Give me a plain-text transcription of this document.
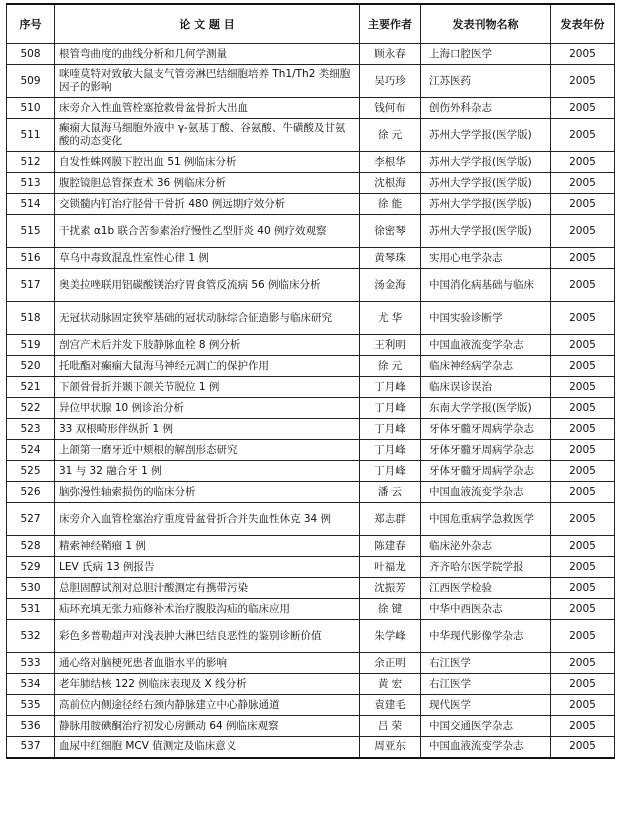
序号	论 文 题 目	主要作者	发表刊物名称	发表年份
508	根管弯曲度的曲线分析和几何学测量	顾永春	上海口腔医学	2005
509	咪喹莫特对致敏大鼠支气管旁淋巴结细胞培养 Th1/Th2 类细胞因子的影响	吴巧珍	江苏医药	2005
510	床旁介入性血管栓塞抢救骨盆骨折大出血	钱何布	创伤外科杂志	2005
511	癫痫大鼠海马细胞外液中 γ-氨基丁酸、谷氨酸、牛磺酸及甘氨酸的动态变化	徐 元	苏州大学学报(医学版)	2005
512	自发性蛛网膜下腔出血 51 例临床分析	李根华	苏州大学学报(医学版)	2005
513	腹腔镜胆总管探查术 36 例临床分析	沈根海	苏州大学学报(医学版)	2005
514	交锁髓内钉治疗胫骨干骨折 480 例远期疗效分析	徐 能	苏州大学学报(医学版)	2005
515	干扰素 α1b 联合苦参素治疗慢性乙型肝炎 40 例疗效观察	徐密琴	苏州大学学报(医学版)	2005
516	草乌中毒致混乱性室性心律 1 例	黄琴珠	实用心电学杂志	2005
517	奥美拉唑联用铝碳酸镁治疗胃食管反流病 56 例临床分析	汤金海	中国消化病基础与临床	2005
518	无冠状动脉固定狭窄基础的冠状动脉综合征造影与临床研究	尤 华	中国实验诊断学	2005
519	剖宫产术后并发下肢静脉血栓 8 例分析	王利明	中国血液流变学杂志	2005
520	托吡酯对癫痫大鼠海马神经元凋亡的保护作用	徐 元	临床神经病学杂志	2005
521	下颌骨骨折并颞下颌关节脱位 1 例	丁月峰	临床误诊误治	2005
522	异位甲状腺 10 例诊治分析	丁月峰	东南大学学报(医学版)	2005
523	33 双根畸形伴纵折 1 例	丁月峰	牙体牙髓牙周病学杂志	2005
524	上颌第一磨牙近中颊根的解剖形态研究	丁月峰	牙体牙髓牙周病学杂志	2005
525	31 与 32 融合牙 1 例	丁月峰	牙体牙髓牙周病学杂志	2005
526	脑弥漫性轴索损伤的临床分析	潘 云	中国血液流变学杂志	2005
527	床旁介入血管栓塞治疗重度骨盆骨折合并失血性休克 34 例	郑志群	中国危重病学急救医学	2005
528	精索神经鞘瘤 1 例	陈建春	临床泌外杂志	2005
529	LEV 氏病 13 例报告	叶福龙	齐齐哈尔医学院学报	2005
530	总胆固醇试剂对总胆汁酸测定有携带污染	沈振芳	江西医学检验	2005
531	疝环充填无张力疝修补术治疗腹股沟疝的临床应用	徐 键	中华中西医杂志	2005
532	彩色多普勒超声对浅表肿大淋巴结良恶性的鉴别诊断价值	朱学峰	中华现代影像学杂志	2005
533	通心络对脑梗死患者血脂水平的影响	余正明	右江医学	2005
534	老年肺结核 122 例临床表现及 X 线分析	黄 宏	右江医学	2005
535	高前位内侧途径经右颈内静脉建立中心静脉通道	袁建毛	现代医学	2005
536	静脉用胺碘酮治疗初发心房颤动 64 例临床观察	吕 荣	中国交通医学杂志	2005
537	血尿中红细胞 MCV 值测定及临床意义	周亚东	中国血液流变学杂志	2005
